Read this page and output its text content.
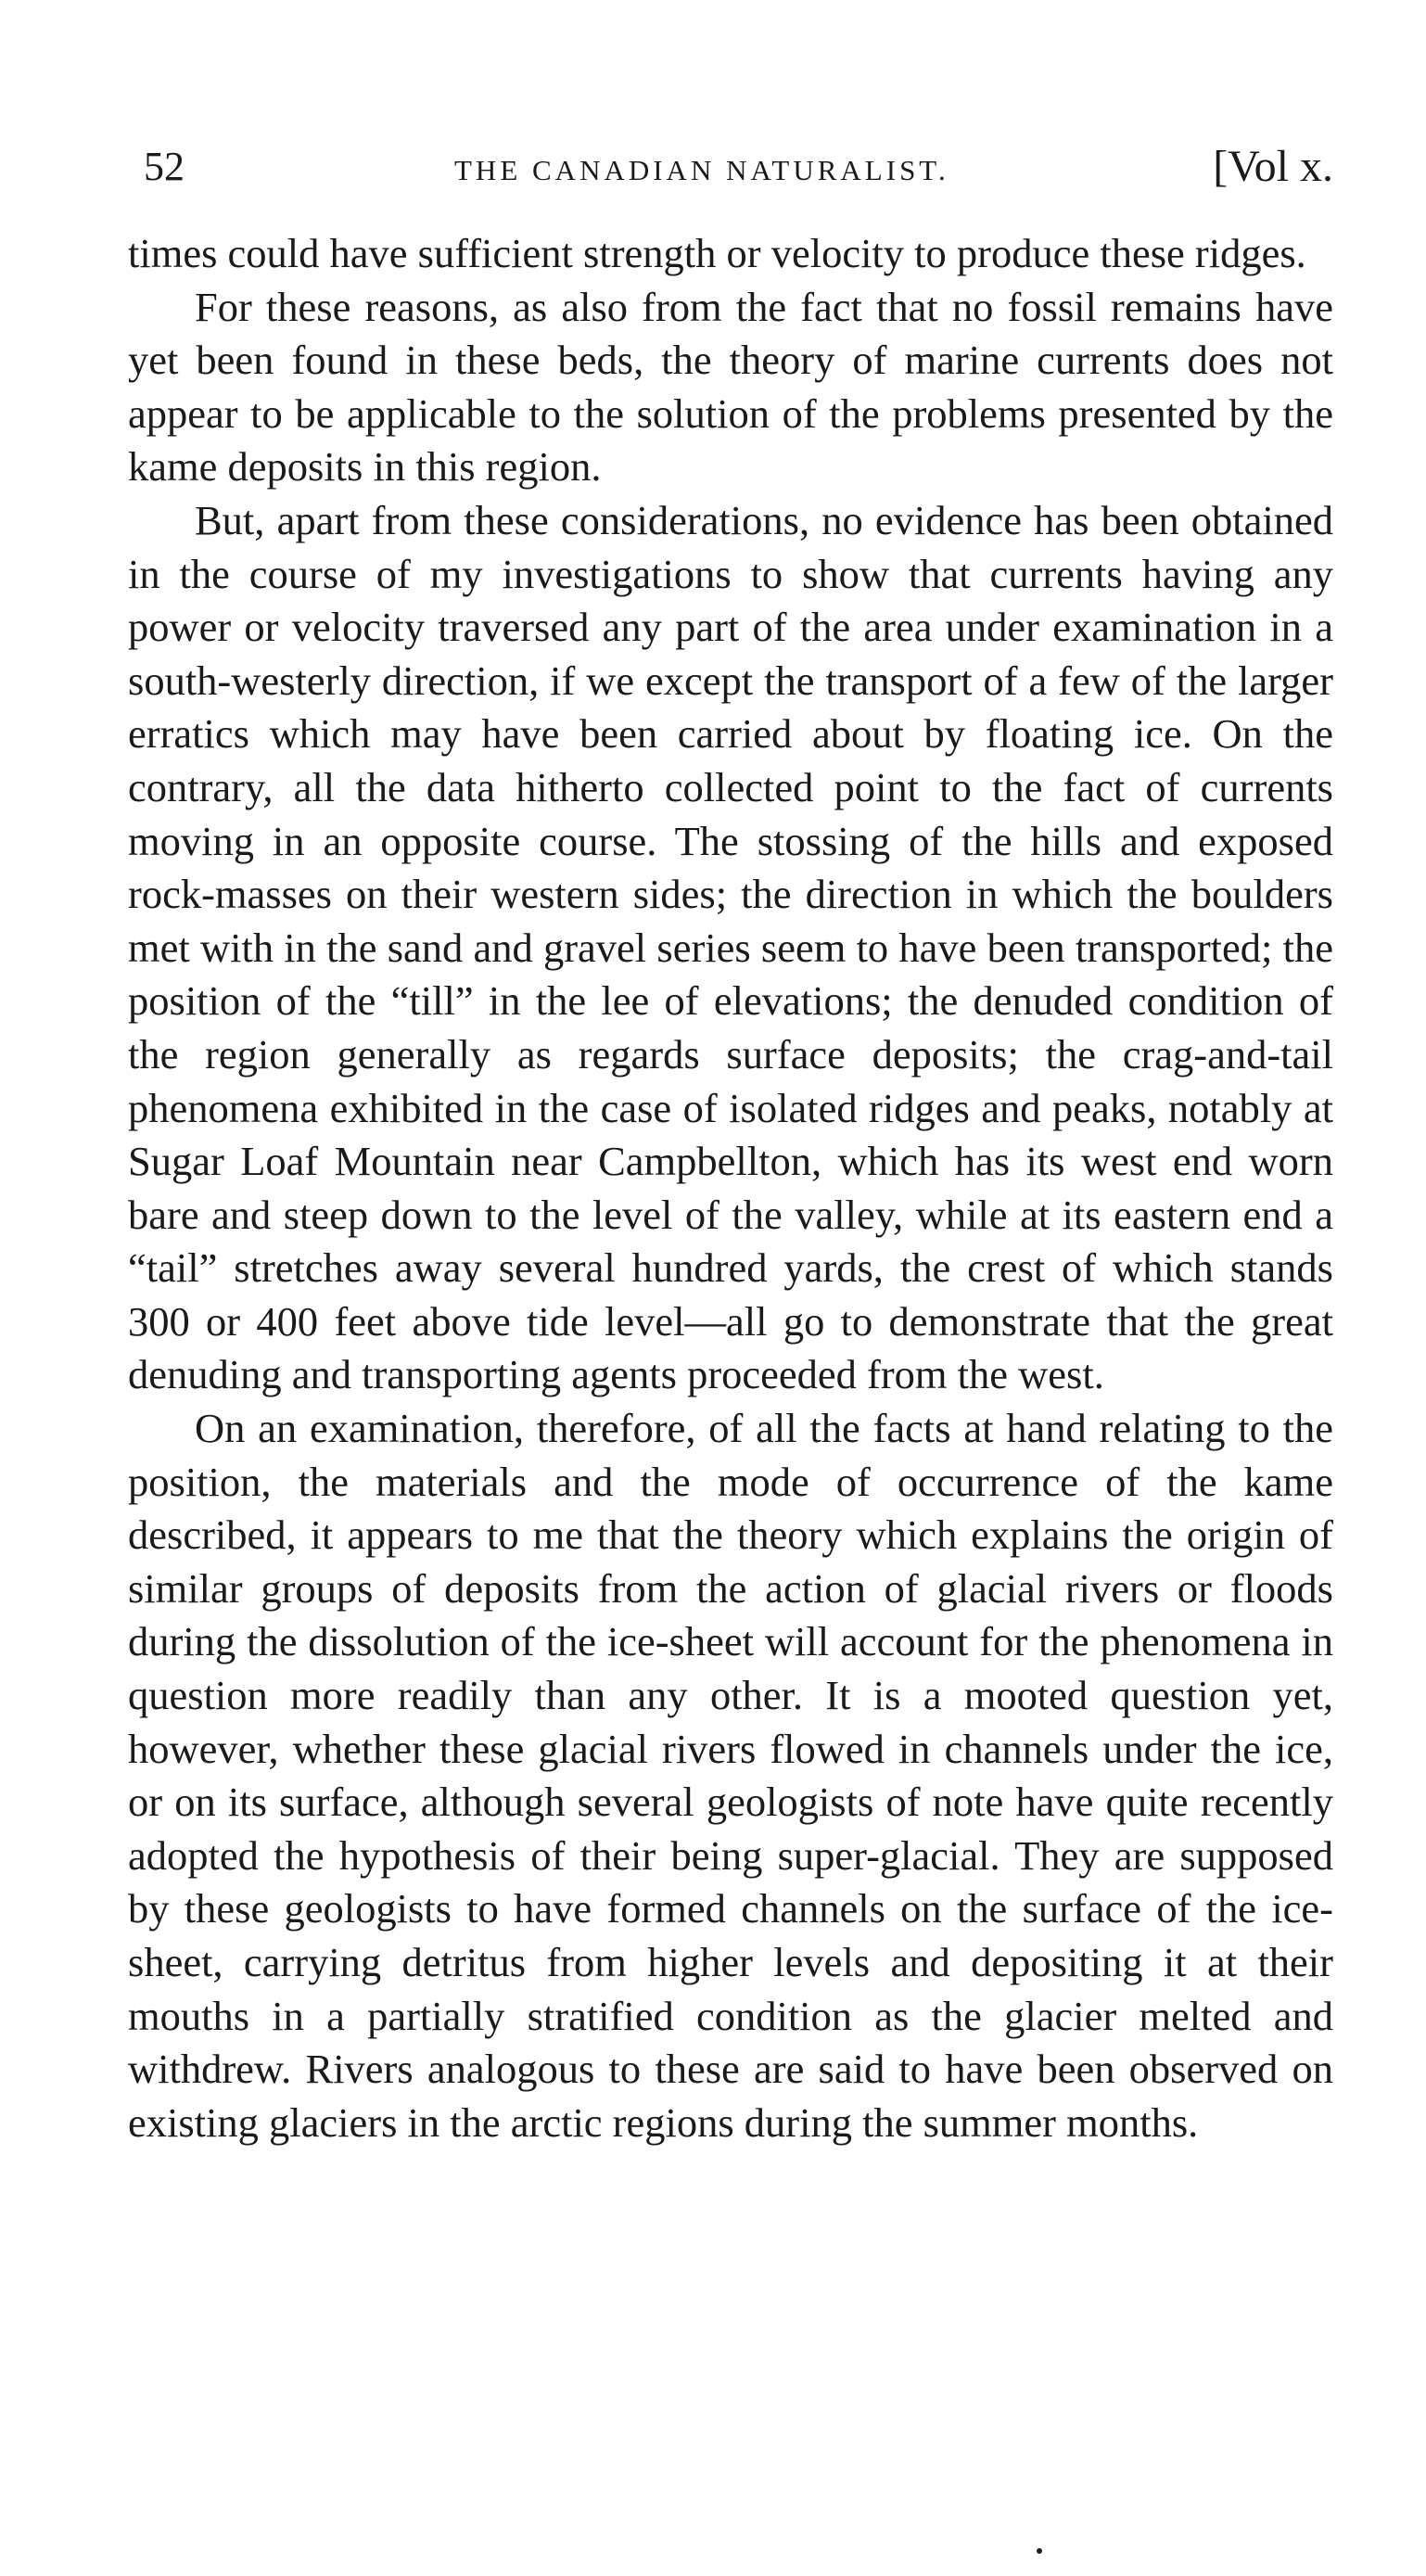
52	THE CANADIAN NATURALIST.	[Vol x.

times could have sufficient strength or velocity to produce these ridges.

For these reasons, as also from the fact that no fossil remains have yet been found in these beds, the theory of marine currents does not appear to be applicable to the solution of the problems presented by the kame deposits in this region.

But, apart from these considerations, no evidence has been obtained in the course of my investigations to show that currents having any power or velocity traversed any part of the area under examination in a south-westerly direction, if we except the transport of a few of the larger erratics which may have been carried about by floating ice. On the contrary, all the data hitherto collected point to the fact of currents moving in an opposite course. The stossing of the hills and exposed rock-masses on their western sides; the direction in which the boulders met with in the sand and gravel series seem to have been transported; the position of the “till” in the lee of elevations; the denuded condition of the region generally as regards surface deposits; the crag-and-tail phenomena exhibited in the case of isolated ridges and peaks, notably at Sugar Loaf Mountain near Campbellton, which has its west end worn bare and steep down to the level of the valley, while at its eastern end a “tail” stretches away several hundred yards, the crest of which stands 300 or 400 feet above tide level—all go to demonstrate that the great denuding and transporting agents proceeded from the west.

On an examination, therefore, of all the facts at hand relating to the position, the materials and the mode of occurrence of the kame described, it appears to me that the theory which explains the origin of similar groups of deposits from the action of glacial rivers or floods during the dissolution of the ice-sheet will account for the phenomena in question more readily than any other. It is a mooted question yet, however, whether these glacial rivers flowed in channels under the ice, or on its surface, although several geologists of note have quite recently adopted the hypothesis of their being super-glacial. They are supposed by these geologists to have formed channels on the surface of the ice-sheet, carrying detritus from higher levels and depositing it at their mouths in a partially stratified condition as the glacier melted and withdrew. Rivers analogous to these are said to have been observed on existing glaciers in the arctic regions during the summer months.
